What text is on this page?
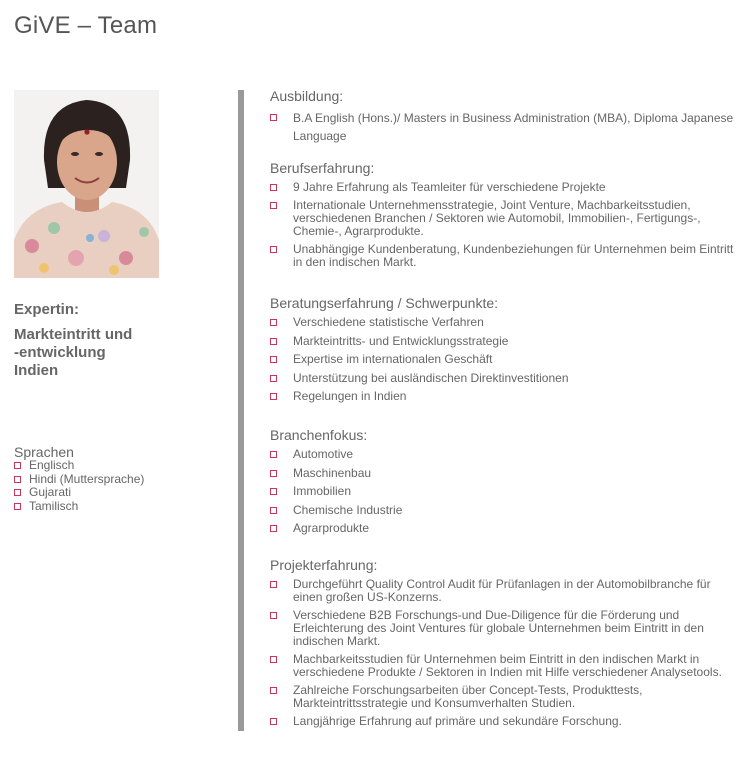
GiVE – Team
Expertin:
Markteintritt und
-entwicklung
Indien
Sprachen
Englisch
Hindi (Muttersprache)
Gujarati
Tamilisch
Ausbildung:
B.A English (Hons.)/ Masters in Business Administration (MBA), Diploma Japanese Language
Berufserfahrung:
9 Jahre Erfahrung als Teamleiter für verschiedene Projekte
Internationale Unternehmensstrategie, Joint Venture, Machbarkeitsstudien, verschiedenen Branchen / Sektoren wie Automobil, Immobilien-, Fertigungs-, Chemie-, Agrarprodukte.
Unabhängige Kundenberatung, Kundenbeziehungen für Unternehmen beim Eintritt in den indischen Markt.
Beratungserfahrung / Schwerpunkte:
Verschiedene statistische Verfahren
Markteintritts- und Entwicklungsstrategie
Expertise im internationalen Geschäft
Unterstützung bei ausländischen Direktinvestitionen
Regelungen in Indien
Branchenfokus:
Automotive
Maschinenbau
Immobilien
Chemische Industrie
Agrarprodukte
Projekterfahrung:
Durchgeführt Quality Control Audit für Prüfanlagen in der Automobilbranche für einen großen US-Konzerns.
Verschiedene B2B Forschungs-und Due-Diligence für die Förderung und Erleichterung des Joint Ventures für globale Unternehmen beim Eintritt in den indischen Markt.
Machbarkeitsstudien für Unternehmen beim Eintritt in den indischen Markt in verschiedene Produkte / Sektoren in Indien mit Hilfe verschiedener Analysetools.
Zahlreiche Forschungsarbeiten über Concept-Tests, Produkttests, Markteintrittsstrategie und Konsumverhalten Studien.
Langjährige Erfahrung auf primäre und sekundäre Forschung.
